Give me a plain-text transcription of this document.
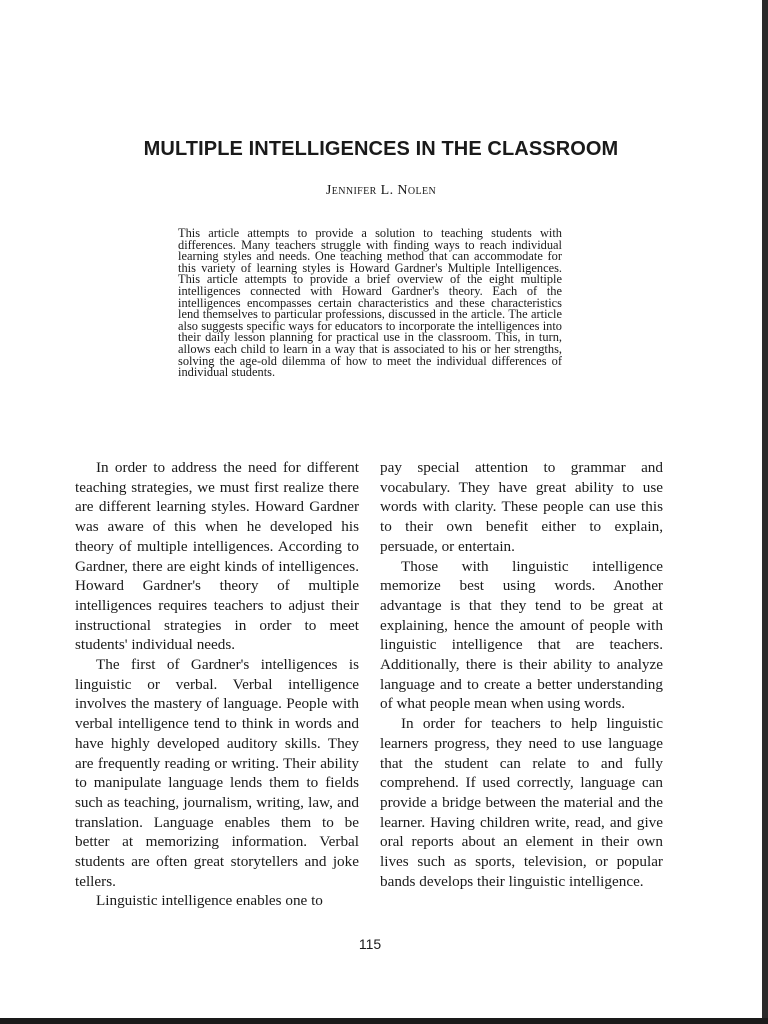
MULTIPLE INTELLIGENCES IN THE CLASSROOM
Jennifer L. Nolen

This article attempts to provide a solution to teaching students with differences. Many teachers struggle with finding ways to reach individual learning styles and needs. One teaching method that can accommodate for this variety of learning styles is Howard Gardner's Multiple Intelligences. This article attempts to provide a brief overview of the eight multiple intelligences connected with Howard Gardner's theory. Each of the intelligences encompasses certain characteristics and these characteristics lend themselves to particular professions, discussed in the article. The article also suggests specific ways for educators to incorporate the intelligences into their daily lesson planning for practical use in the classroom. This, in turn, allows each child to learn in a way that is associated to his or her strengths, solving the age-old dilemma of how to meet the individual differences of individual students.

In order to address the need for different teaching strategies, we must first realize there are different learning styles. Howard Gardner was aware of this when he developed his theory of multiple intelligences. According to Gardner, there are eight kinds of intelligences. Howard Gardner's theory of multiple intelligences requires teachers to adjust their instructional strategies in order to meet students' individual needs.

The first of Gardner's intelligences is linguistic or verbal. Verbal intelligence involves the mastery of language. People with verbal intelligence tend to think in words and have highly developed auditory skills. They are frequently reading or writing. Their ability to manipulate language lends them to fields such as teaching, journalism, writing, law, and translation. Language enables them to be better at memorizing information. Verbal students are often great storytellers and joke tellers.

Linguistic intelligence enables one to

pay special attention to grammar and vocabulary. They have great ability to use words with clarity. These people can use this to their own benefit either to explain, persuade, or entertain.

Those with linguistic intelligence memorize best using words. Another advantage is that they tend to be great at explaining, hence the amount of people with linguistic intelligence that are teachers. Additionally, there is their ability to analyze language and to create a better understanding of what people mean when using words.

In order for teachers to help linguistic learners progress, they need to use language that the student can relate to and fully comprehend. If used correctly, language can provide a bridge between the material and the learner. Having children write, read, and give oral reports about an element in their own lives such as sports, television, or popular bands develops their linguistic intelligence.

115
